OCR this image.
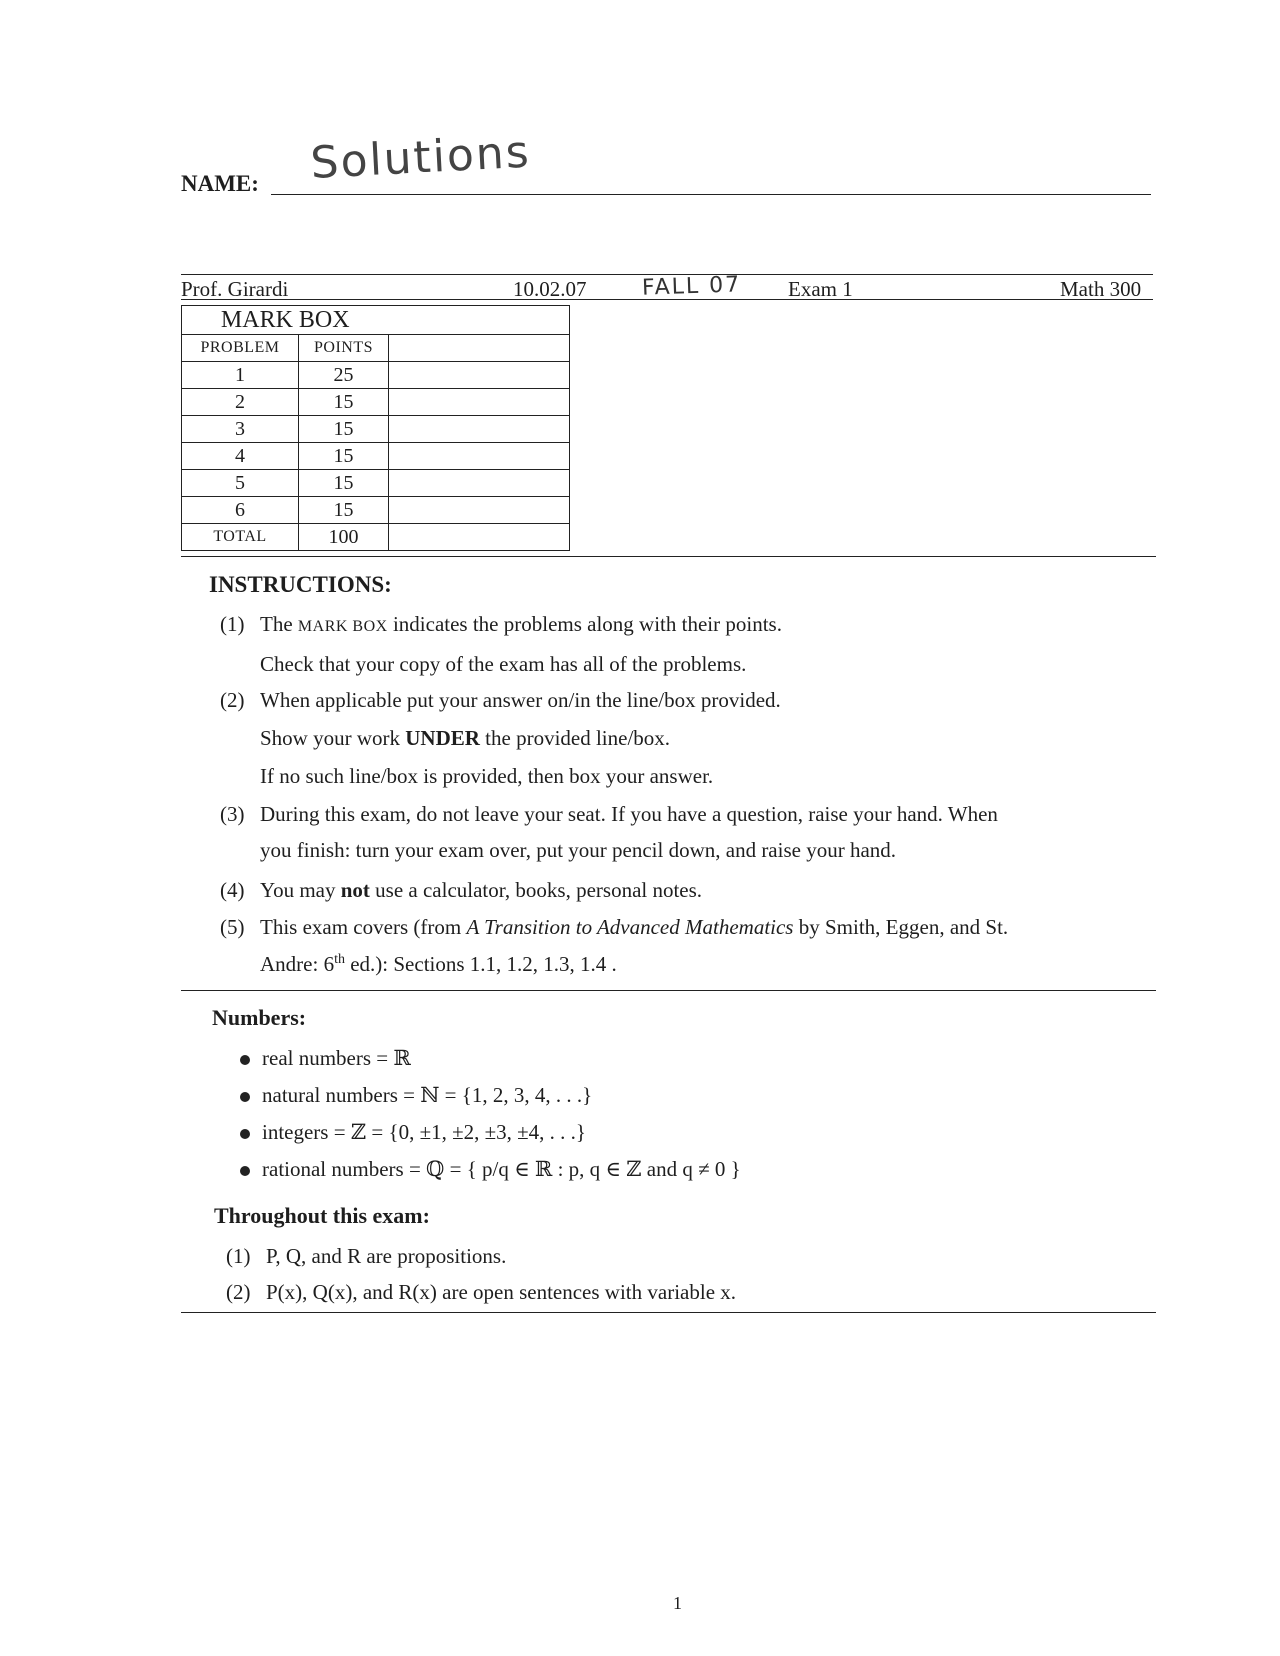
NAME: Solutions
Prof. Girardi	10.02.07	FALL 07 Exam 1	Math 300
MARK BOX		
PROBLEM	POINTS	
1	25	
2	15	
3	15	
4	15	
5	15	
6	15	
TOTAL	100	
INSTRUCTIONS:
(1) The MARK BOX indicates the problems along with their points.
Check that your copy of the exam has all of the problems.
(2) When applicable put your answer on/in the line/box provided.
Show your work UNDER the provided line/box.
If no such line/box is provided, then box your answer.
(3) During this exam, do not leave your seat. If you have a question, raise your hand. When
you finish: turn your exam over, put your pencil down, and raise your hand.
(4) You may not use a calculator, books, personal notes.
(5) This exam covers (from A Transition to Advanced Mathematics by Smith, Eggen, and St.
Andre: 6th ed.): Sections 1.1, 1.2, 1.3, 1.4 .
Numbers:
real numbers = ℝ
natural numbers = ℕ = {1, 2, 3, 4, . . .}
integers = ℤ = {0, ±1, ±2, ±3, ±4, . . .}
rational numbers = ℚ = { p/q ∈ ℝ : p, q ∈ ℤ and q ≠ 0 }
Throughout this exam:
(1) P, Q, and R are propositions.
(2) P(x), Q(x), and R(x) are open sentences with variable x.
1
